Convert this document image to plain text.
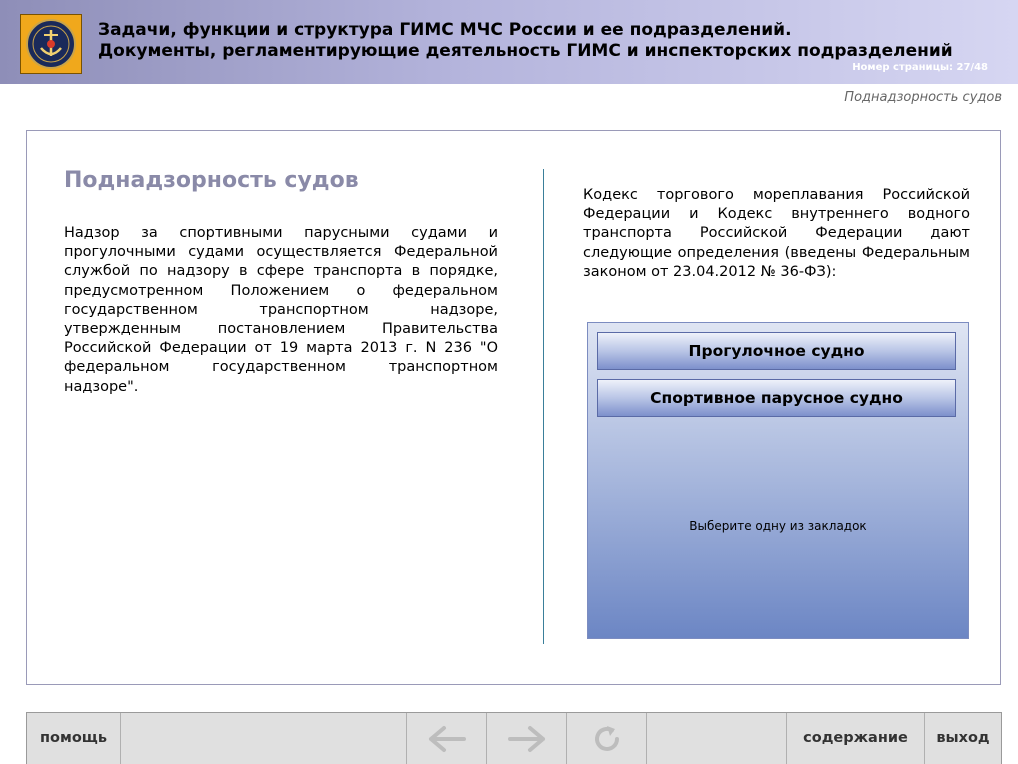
Задачи, функции и структура ГИМС МЧС России и ее подразделений.
Документы, регламентирующие деятельность ГИМС и инспекторских подразделений
Номер страницы: 27/48
Поднадзорность судов
Поднадзорность судов

Надзор за спортивными парусными судами и прогулочными судами осуществляется Федеральной службой по надзору в сфере транспорта в порядке, предусмотренном Положением о федеральном государственном транспортном надзоре, утвержденным постановлением Правительства Российской Федерации от 19 марта 2013 г. N 236 "О федеральном государственном транспортном надзоре".

Кодекс торгового мореплавания Российской Федерации и Кодекс внутреннего водного транспорта Российской Федерации дают следующие определения (введены Федеральным законом от 23.04.2012 № 36-ФЗ):

Прогулочное судно
Спортивное парусное судно
Выберите одну из закладок
помощь	содержание	выход
